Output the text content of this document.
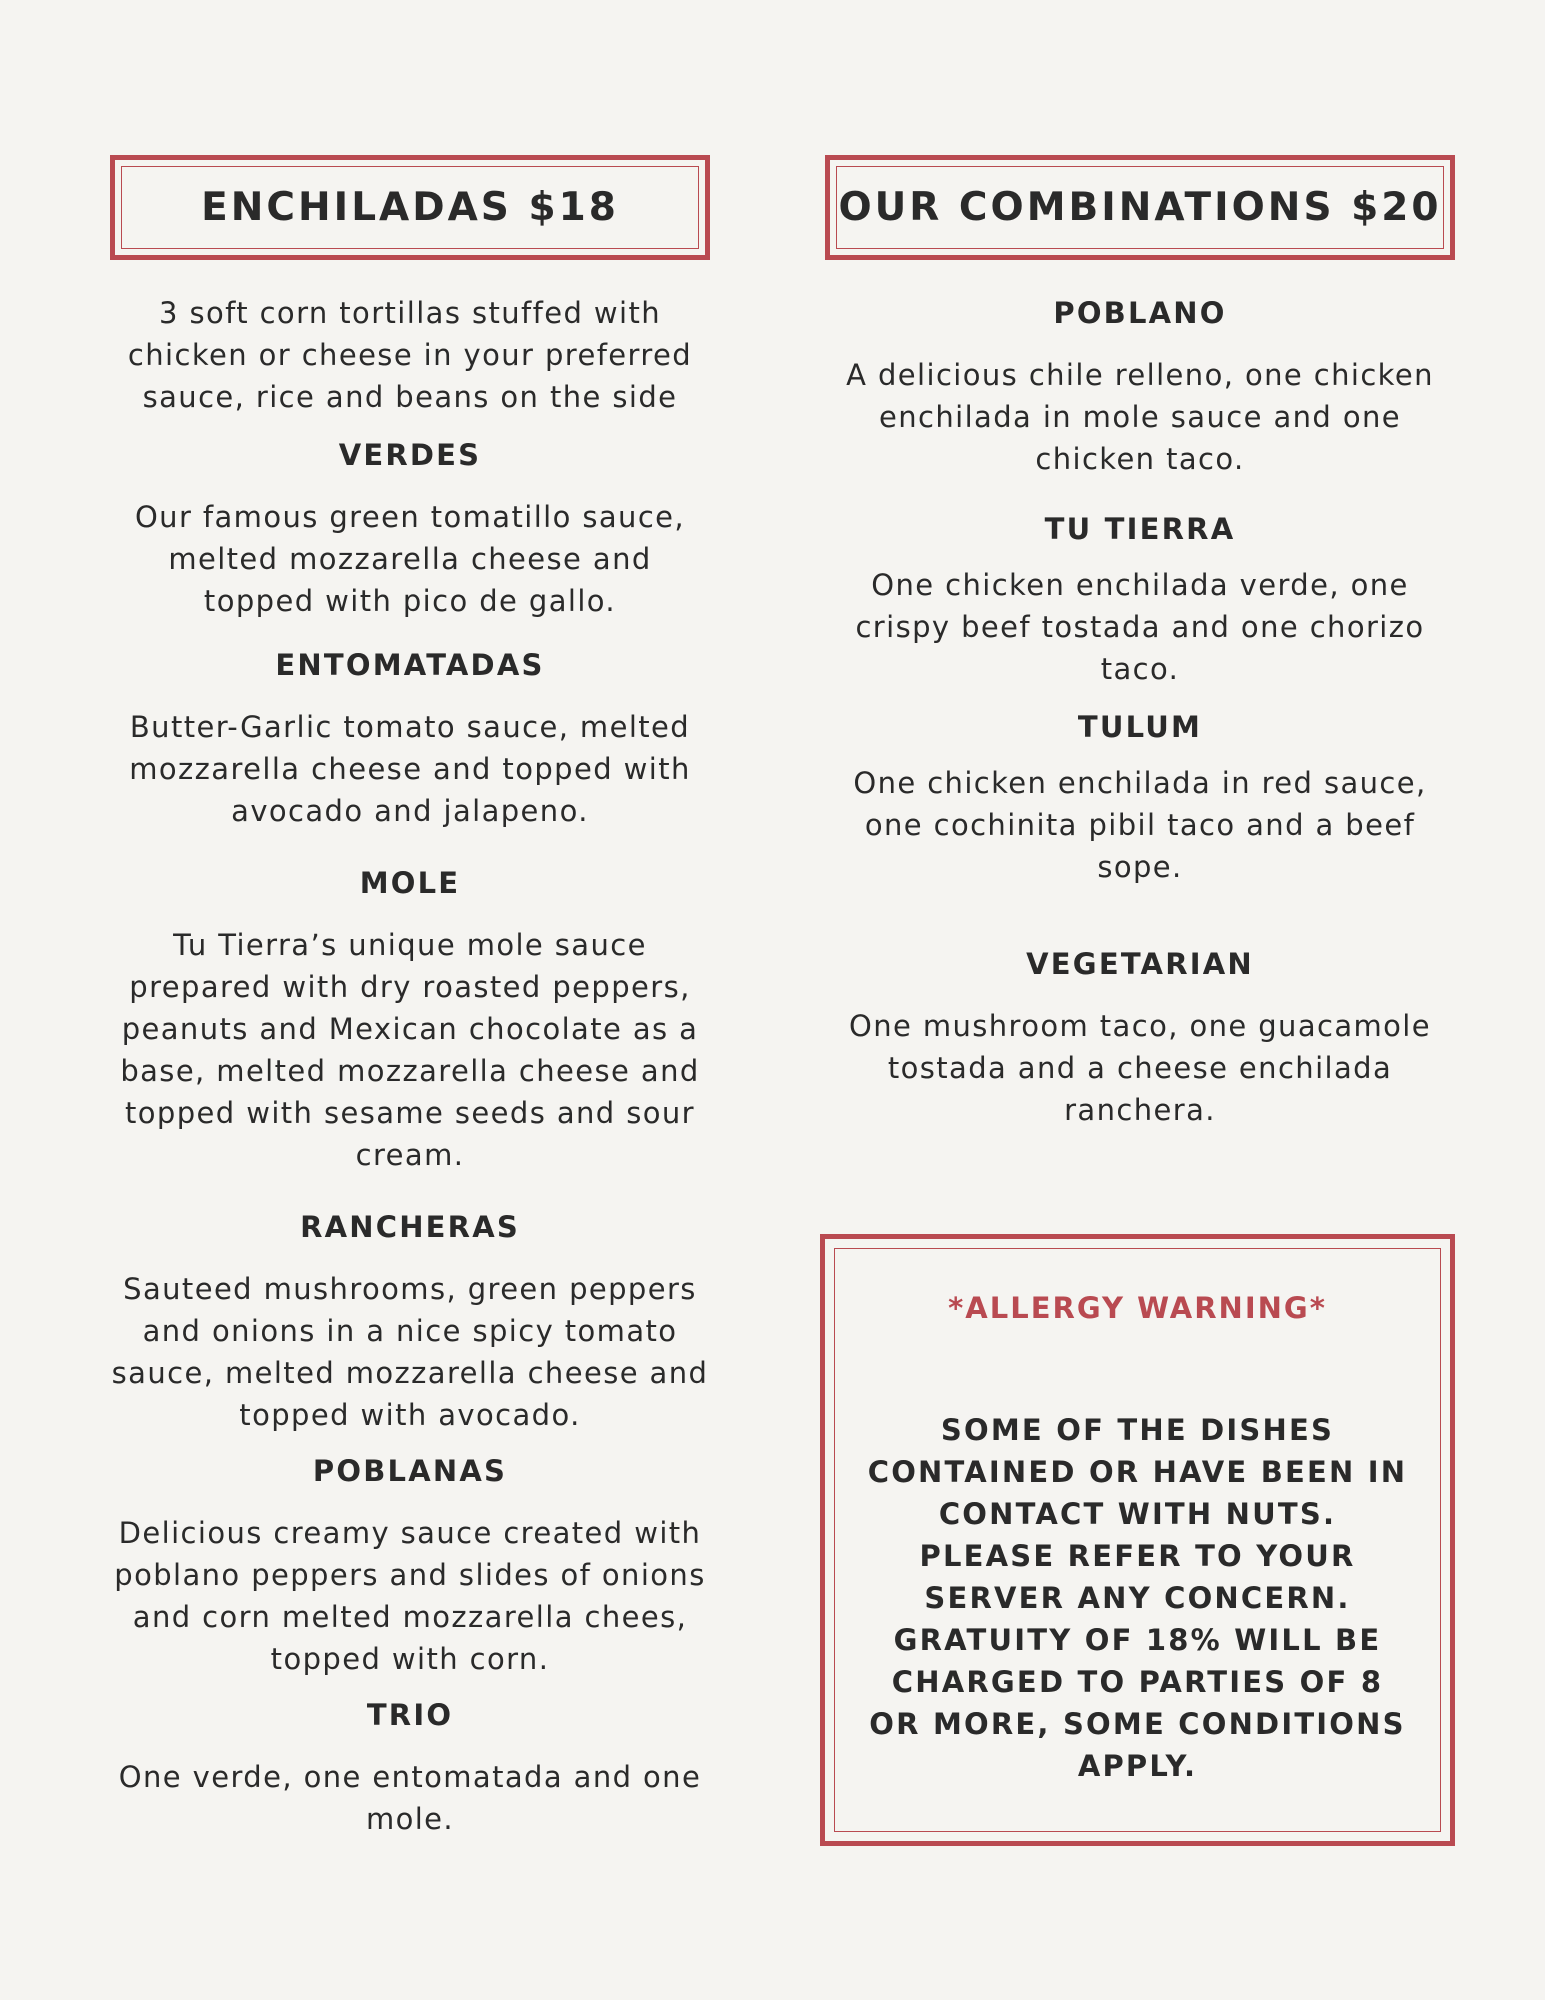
ENCHILADAS $18

3 soft corn tortillas stuffed with chicken or cheese in your preferred sauce, rice and beans on the side

VERDES

Our famous green tomatillo sauce, melted mozzarella cheese and topped with pico de gallo.

ENTOMATADAS

Butter-Garlic tomato sauce, melted mozzarella cheese and topped with avocado and jalapeno.

MOLE

Tu Tierra’s unique mole sauce prepared with dry roasted peppers, peanuts and Mexican chocolate as a base, melted mozzarella cheese and topped with sesame seeds and sour cream.

RANCHERAS

Sauteed mushrooms, green peppers and onions in a nice spicy tomato sauce, melted mozzarella cheese and topped with avocado.

POBLANAS

Delicious creamy sauce created with poblano peppers and slides of onions and corn melted mozzarella chees, topped with corn.

TRIO

One verde, one entomatada and one mole.

OUR COMBINATIONS $20

POBLANO

A delicious chile relleno, one chicken enchilada in mole sauce and one chicken taco.

TU TIERRA

One chicken enchilada verde, one crispy beef tostada and one chorizo taco.

TULUM

One chicken enchilada in red sauce, one cochinita pibil taco and a beef sope.

VEGETARIAN

One mushroom taco, one guacamole tostada and a cheese enchilada ranchera.

*ALLERGY WARNING*

SOME OF THE DISHES CONTAINED OR HAVE BEEN IN CONTACT WITH NUTS. PLEASE REFER TO YOUR SERVER ANY CONCERN.

GRATUITY OF 18% WILL BE CHARGED TO PARTIES OF 8 OR MORE, SOME CONDITIONS APPLY.
